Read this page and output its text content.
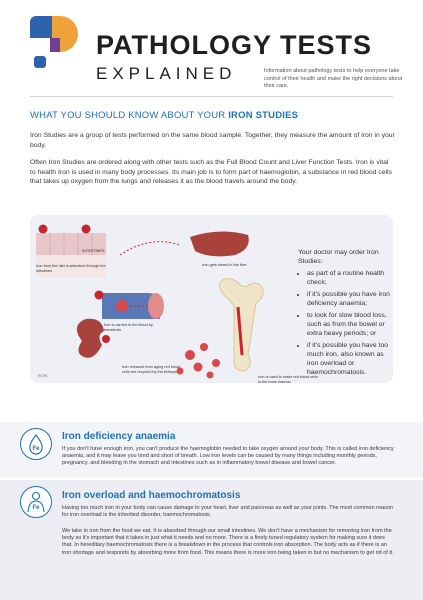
PATHOLOGY TESTS
EXPLAINED	Information about pathology tests to help everyone take control of their health and make the right decisions about their care.
WHAT YOU SHOULD KNOW ABOUT YOUR IRON STUDIES
Iron Studies are a group of tests performed on the same blood sample. Together, they measure the amount of iron in your body.
Often Iron Studies are ordered along with other tests such as the Full Blood Count and Liver Function Tests. Iron is vital to health Iron is used in many body processes. Its main job is to form part of haemoglobin, a substance in red blood cells that takes up oxygen from the lungs and releases it as the blood travels around the body.
RCPA
INTESTINES
Iron from the diet is absorbed through the intestines
Iron gets stored in the liver
Iron is carried in the blood by transferrin
Iron released from aging red blood cells are recycled by the kidneys
Iron is used to make red blood cells in the bone marrow
Your doctor may order Iron Studies:
• as part of a routine health check;
• if it's possible you have iron deficiency anaemia;
• to look for slow blood loss, such as from the bowel or extra heavy periods; or
• if it's possible you have too much iron, also known as iron overload or haemochromatosis.
Fe
Iron deficiency anaemia
If you don't have enough iron, you can't produce the haemoglobin needed to take oxygen around your body. This is called iron deficiency anaemia, and it may leave you tired and short of breath. Low iron levels can be caused by many things including monthly periods, pregnancy, and bleeding in the stomach and intestines such as in inflammatory bowel disease and bowel cancer.
Fe
Iron overload and haemochromatosis
Having too much iron in your body can cause damage to your heart, liver and pancreas as well as your joints. The most common reason for iron overload is the inherited disorder, haemochromatosis.
We take in iron from the food we eat. It is absorbed through our small intestines. We don't have a mechanism for removing iron from the body so it's important that it takes in just what it needs and no more. There is a finely tuned regulatory system for making sure it does that. In hereditary haemochromatosis there is a breakdown in the process that controls iron absorption. The body acts as if there is an iron shortage and responds by absorbing more from food. This means there is more iron being taken in but no mechanism to get rid of it.
